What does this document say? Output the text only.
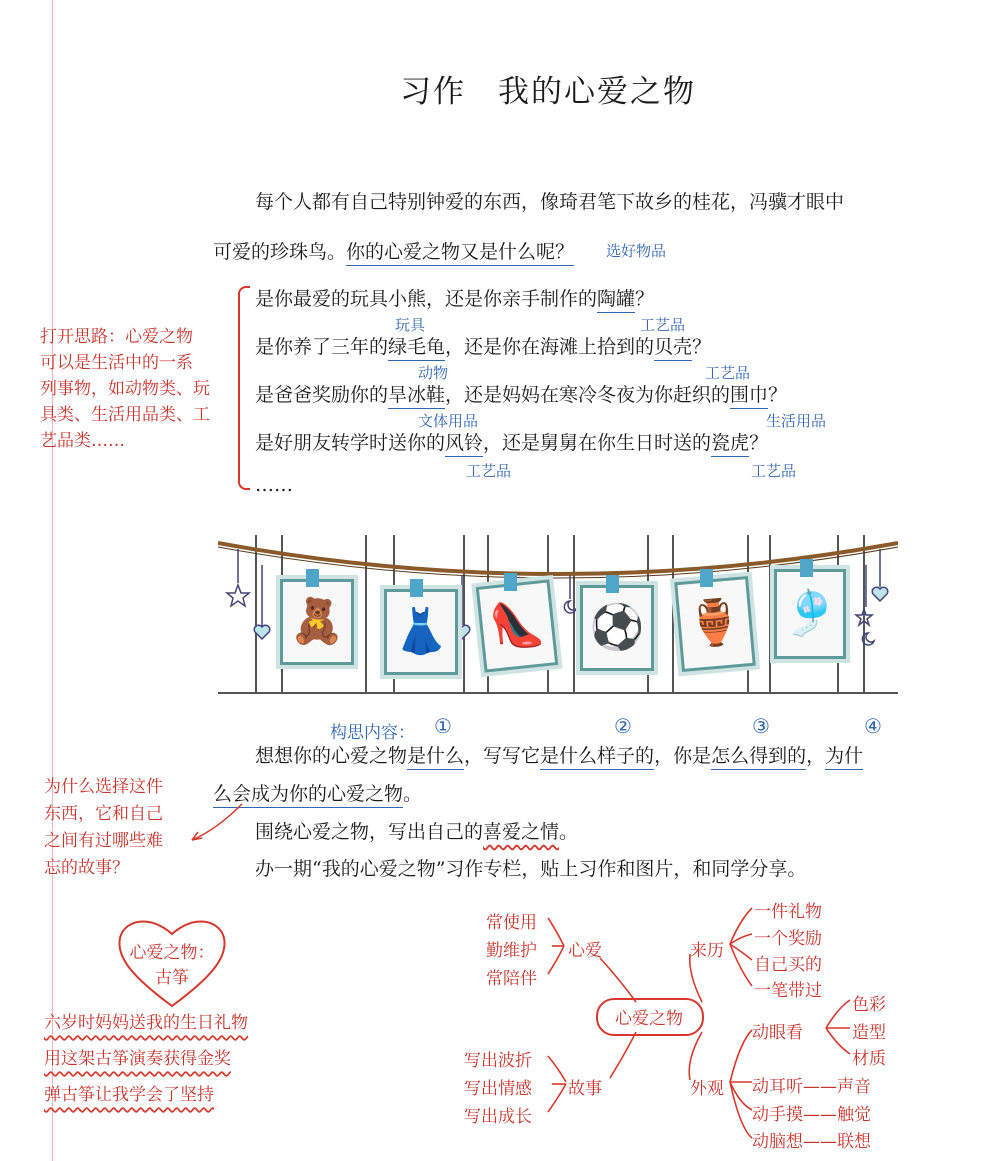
习作 我的心爱之物
每个人都有自己特别钟爱的东西，像琦君笔下故乡的桂花，冯骥才眼中
可爱的珍珠鸟。你的心爱之物又是什么呢？ 选好物品
是你最爱的玩具小熊，还是你亲手制作的陶罐？
玩具	工艺品
是你养了三年的绿毛龟，还是你在海滩上拾到的贝壳？
动物	工艺品
是爸爸奖励你的旱冰鞋，还是妈妈在寒冷冬夜为你赶织的围巾？
文体用品	生活用品
是好朋友转学时送你的风铃，还是舅舅在你生日时送的瓷虎？
工艺品	工艺品
……
打开思路：心爱之物
可以是生活中的一系
列事物，如动物类、玩
具类、生活用品类、工
艺品类……
🧸 👗 👠 ⚽ 🏺 🎐
构思内容： ①	②	③	④
想想你的心爱之物是什么，写写它是什么样子的，你是怎么得到的，为什
么会成为你的心爱之物。
围绕心爱之物，写出自己的喜爱之情。
办一期“我的心爱之物”习作专栏，贴上习作和图片，和同学分享。
为什么选择这件
东西，它和自己
之间有过哪些难
忘的故事？
心爱之物：
古筝
六岁时妈妈送我的生日礼物
用这架古筝演奏获得金奖
弹古筝让我学会了坚持
心爱之物
常使用
勤维护
常陪伴
心爱
写出波折
写出情感
写出成长
故事
来历
一件礼物
一个奖励
自己买的
一笔带过
外观
动眼看
色彩
造型
材质
动耳听——声音
动手摸——触觉
动脑想——联想
